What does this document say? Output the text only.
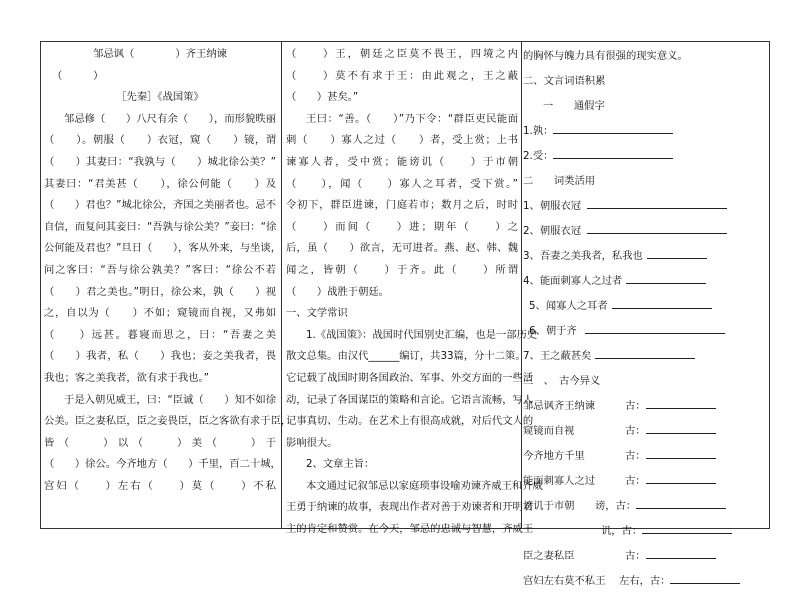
邹忌讽（　　　　）齐王纳谏
（　　　）
［先秦］《战国策》
邹忌修（　　）八尺有余（　　），而形貌昳丽
（　　）。朝服（　　）衣冠，窥（　　）镜，谓
（　　）其妻曰：“我孰与（　　）城北徐公美？”
其妻曰：“君美甚（　　），徐公何能（　　）及
（　　）君也？”城北徐公，齐国之美丽者也。忌不
自信，而复问其妾曰：“吾孰与徐公美？”妾曰：“徐
公何能及君也？”旦日（　　），客从外来，与坐谈，
问之客曰：“吾与徐公孰美？”客曰：“徐公不若
（　　）君之美也。”明日，徐公来，孰（　　）视
之，自以为（　　）不如；窥镜而自视，又弗如
（　　）远甚。暮寝而思之，曰：“吾妻之美
（　　）我者，私（　　）我也；妾之美我者，畏
我也；客之美我者，欲有求于我也。”
于是入朝见威王，曰：“臣诚（　　）知不如徐
公美。臣之妻私臣，臣之妾畏臣，臣之客欲有求于臣，
皆（　　）以（　　）美（　　）于
（　　）徐公。今齐地方（　　）千里，百二十城，
宫妇（　　）左右（　　）莫（　　）不私
（　　）王，朝廷之臣莫不畏王，四境之内
（　　）莫不有求于王：由此观之，王之蔽
（　　）甚矣。”
王曰：“善。（　　）”乃下令：“群臣吏民能面
刺（　　）寡人之过（　　）者，受上赏；上书
谏寡人者，受中赏；能谤讥（　　）于市朝
（　　），闻（　　）寡人之耳者，受下赏。”
令初下，群臣进谏，门庭若市；数月之后，时时
（　　）而间（　　）进；期年（　　）之
后，虽（　　）欲言，无可进者。燕、赵、韩、魏
闻之，皆朝（　　）于齐。此（　　）所谓
（　　）战胜于朝廷。
一、文学常识
1.《战国策》：战国时代国别史汇编，也是一部历史
散文总集。由汉代______编订，共33篇，分十二策。
它记载了战国时期各国政治、军事、外交方面的一些活
动，记录了各国谋臣的策略和言论。它语言流畅，写人
记事真切、生动。在艺术上有很高成就，对后代文人的
影响很大。
2、文章主旨：
本文通过记叙邹忌以家庭琐事设喻劝谏齐威王和齐威
王勇于纳谏的故事，表现出作者对善于劝谏者和开明君
主的肯定和赞赏。在今天，邹忌的忠诚与智慧，齐威王
的胸怀与魄力具有很强的现实意义。
二、文言词语积累
一　　通假字
1.孰：
2.受：
二　　词类活用
1、朝服衣冠
2、朝服衣冠
3、吾妻之美我者，私我也
4、能面刺寡人之过者
5、闻寡人之耳者
6、朝于齐
7、王之蔽甚矣
三　、　古今异义
邹忌讽齐王纳谏	古：
窥镜而自视	古：
今齐地方千里	古：
能面刺寡人之过	古：
谤讥于市朝 谤，古：
讥，古：
臣之妻私臣	古：
宫妇左右莫不私王 左右，古：
